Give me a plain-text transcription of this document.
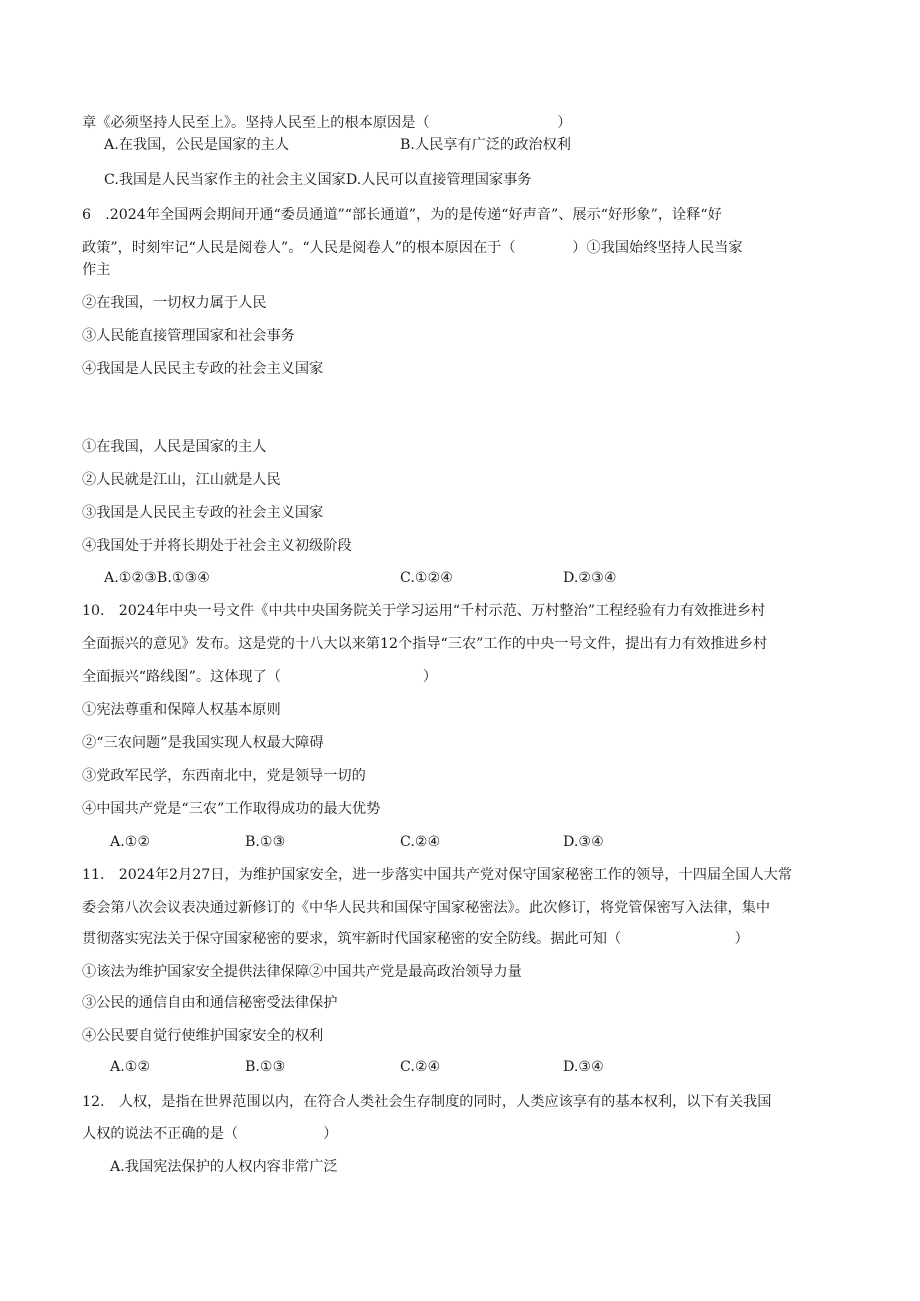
章《必须坚持人民至上》。坚持人民至上的根本原因是（　　　　　　　　　）
A.在我国，公民是国家的主人	B.人民享有广泛的政治权利
C.我国是人民当家作主的社会主义国家D.人民可以直接管理国家事务
6　.2024年全国两会期间开通“委员通道”“部长通道”，为的是传递“好声音”、展示“好形象”，诠释“好
政策”，时刻牢记“人民是阅卷人”。“人民是阅卷人”的根本原因在于（　　　　）①我国始终坚持人民当家
作主
②在我国，一切权力属于人民
③人民能直接管理国家和社会事务
④我国是人民民主专政的社会主义国家
①在我国，人民是国家的主人
②人民就是江山，江山就是人民
③我国是人民民主专政的社会主义国家
④我国处于并将长期处于社会主义初级阶段
A.①②③B.①③④	C.①②④	D.②③④
10.　2024年中央一号文件《中共中央国务院关于学习运用“千村示范、万村整治”工程经验有力有效推进乡村
全面振兴的意见》发布。这是党的十八大以来第12个指导“三农”工作的中央一号文件，提出有力有效推进乡村
全面振兴“路线图”。这体现了（　　　　　　　　　　）
①宪法尊重和保障人权基本原则
②“三农问题”是我国实现人权最大障碍
③党政军民学，东西南北中，党是领导一切的
④中国共产党是“三农”工作取得成功的最大优势
A.①②	B.①③	C.②④	D.③④
11.　2024年2月27日，为维护国家安全，进一步落实中国共产党对保守国家秘密工作的领导，十四届全国人大常
委会第八次会议表决通过新修订的《中华人民共和国保守国家秘密法》。此次修订，将党管保密写入法律，集中
贯彻落实宪法关于保守国家秘密的要求，筑牢新时代国家秘密的安全防线。据此可知（　　　　　　　　）
①该法为维护国家安全提供法律保障②中国共产党是最高政治领导力量
③公民的通信自由和通信秘密受法律保护
④公民要自觉行使维护国家安全的权利
A.①②	B.①③	C.②④	D.③④
12.　人权，是指在世界范围以内，在符合人类社会生存制度的同时，人类应该享有的基本权利，以下有关我国
人权的说法不正确的是（　　　　　　）
A.我国宪法保护的人权内容非常广泛
